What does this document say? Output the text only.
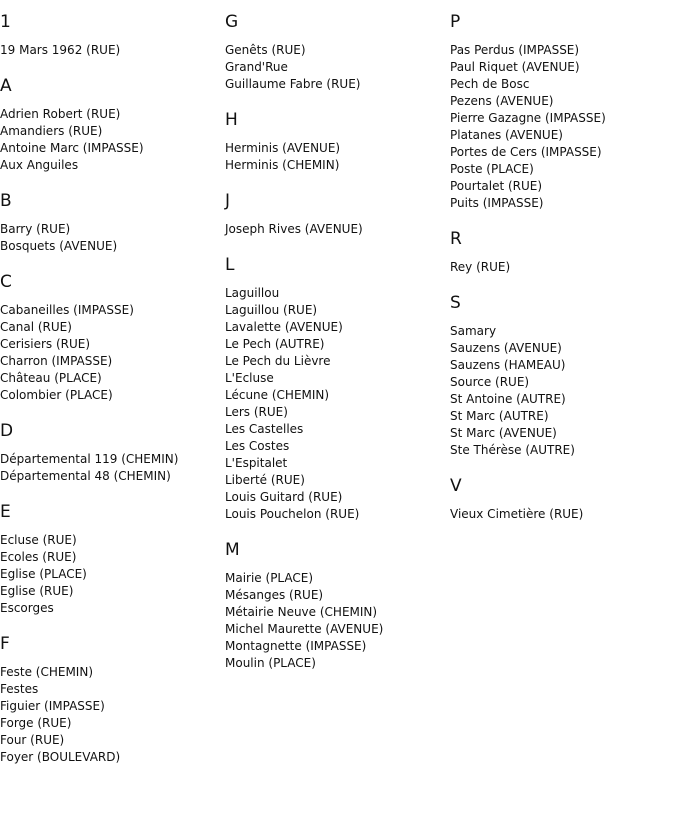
1
19 Mars 1962 (RUE)
A
Adrien Robert (RUE)
Amandiers (RUE)
Antoine Marc (IMPASSE)
Aux Anguiles
B
Barry (RUE)
Bosquets (AVENUE)
C
Cabaneilles (IMPASSE)
Canal (RUE)
Cerisiers (RUE)
Charron (IMPASSE)
Château (PLACE)
Colombier (PLACE)
D
Départemental 119 (CHEMIN)
Départemental 48 (CHEMIN)
E
Ecluse (RUE)
Ecoles (RUE)
Eglise (PLACE)
Eglise (RUE)
Escorges
F
Feste (CHEMIN)
Festes
Figuier (IMPASSE)
Forge (RUE)
Four (RUE)
Foyer (BOULEVARD)
G
Genêts (RUE)
Grand'Rue
Guillaume Fabre (RUE)
H
Herminis (AVENUE)
Herminis (CHEMIN)
J
Joseph Rives (AVENUE)
L
Laguillou
Laguillou (RUE)
Lavalette (AVENUE)
Le Pech (AUTRE)
Le Pech du Lièvre
L'Ecluse
Lécune (CHEMIN)
Lers (RUE)
Les Castelles
Les Costes
L'Espitalet
Liberté (RUE)
Louis Guitard (RUE)
Louis Pouchelon (RUE)
M
Mairie (PLACE)
Mésanges (RUE)
Métairie Neuve (CHEMIN)
Michel Maurette (AVENUE)
Montagnette (IMPASSE)
Moulin (PLACE)
P
Pas Perdus (IMPASSE)
Paul Riquet (AVENUE)
Pech de Bosc
Pezens (AVENUE)
Pierre Gazagne (IMPASSE)
Platanes (AVENUE)
Portes de Cers (IMPASSE)
Poste (PLACE)
Pourtalet (RUE)
Puits (IMPASSE)
R
Rey (RUE)
S
Samary
Sauzens (AVENUE)
Sauzens (HAMEAU)
Source (RUE)
St Antoine (AUTRE)
St Marc (AUTRE)
St Marc (AVENUE)
Ste Thérèse (AUTRE)
V
Vieux Cimetière (RUE)
